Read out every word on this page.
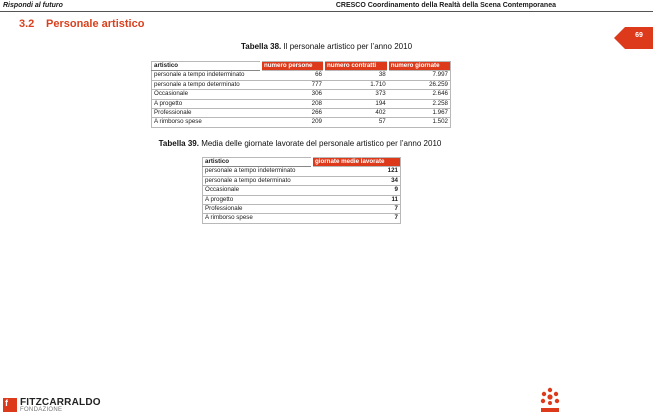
Rispondi al futuro	CRESCO Coordinamento della Realtà della Scena Contemporanea
3.2 Personale artistico
69
Tabella 38. Il personale artistico per l’anno 2010
artistico	numero persone	numero contratti	numero giornate
personale a tempo indeterminato	66	38	7.997
personale a tempo determinato	777	1.710	26.259
Occasionale	306	373	2.646
A progetto	208	194	2.258
Professionale	266	402	1.967
A rimborso spese	209	57	1.502
Tabella 39. Media delle giornate lavorate del personale artistico per l’anno 2010
artistico	giornate medie lavorate
personale a tempo indeterminato	121
personale a tempo determinato	34
Occasionale	9
A progetto	11
Professionale	7
A rimborso spese	7
f FITZCARRALDO
FONDAZIONE
